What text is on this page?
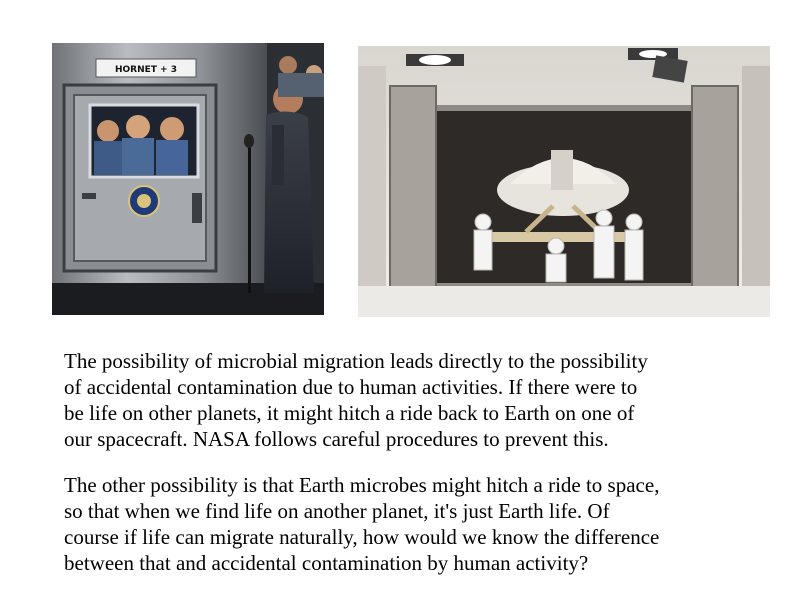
HORNET + 3

The possibility of microbial migration leads directly to the possibility
of accidental contamination due to human activities. If there were to
be life on other planets, it might hitch a ride back to Earth on one of
our spacecraft. NASA follows careful procedures to prevent this.

The other possibility is that Earth microbes might hitch a ride to space,
so that when we find life on another planet, it's just Earth life. Of
course if life can migrate naturally, how would we know the difference
between that and accidental contamination by human activity?
